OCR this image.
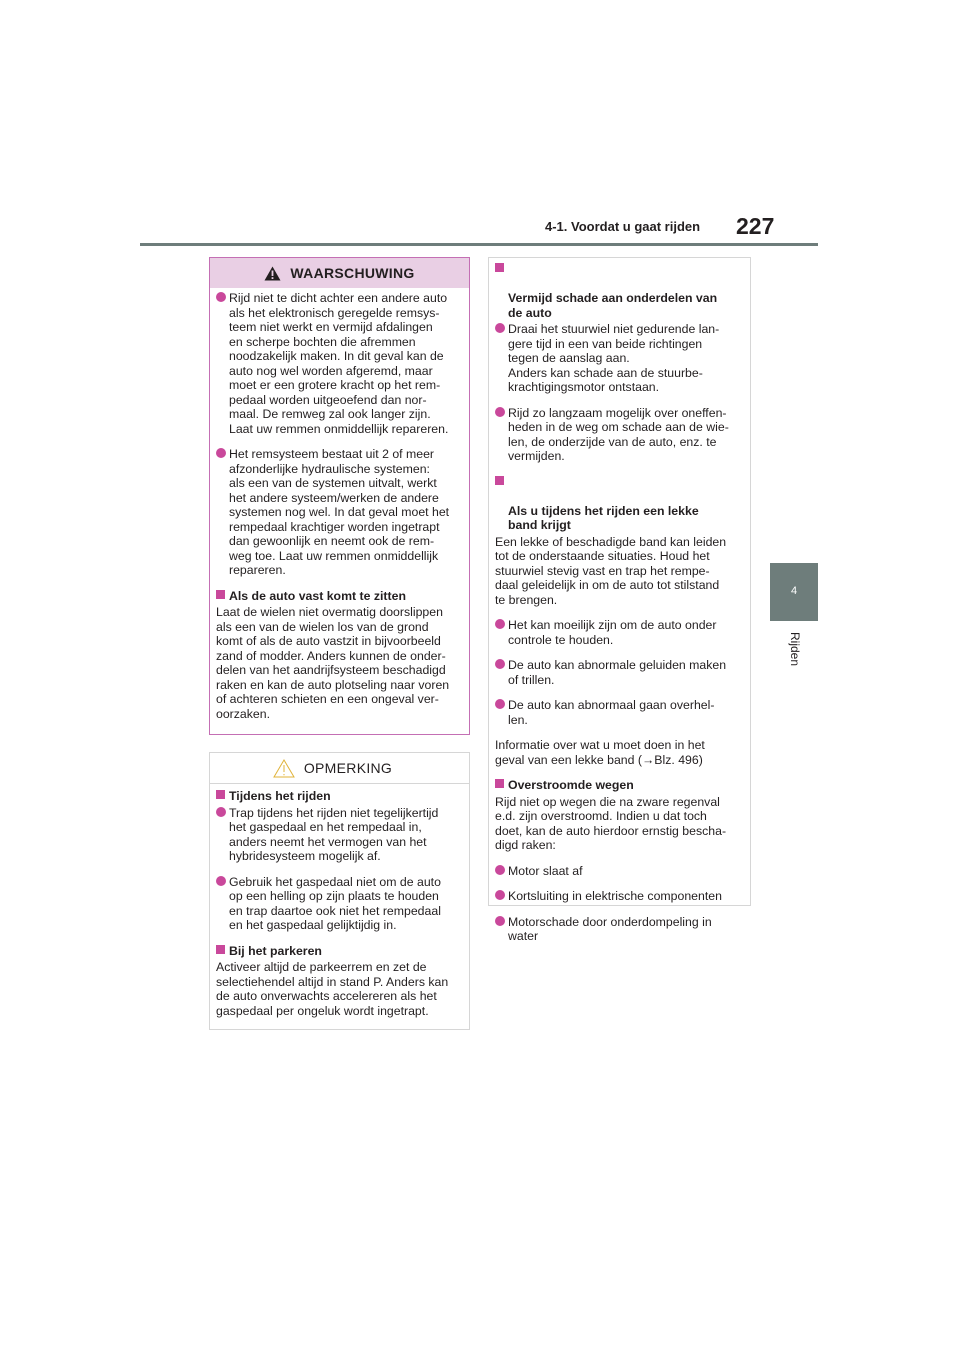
4-1. Voordat u gaat rijden 227
4
Rijden
WAARSCHUWING
Rijd niet te dicht achter een andere auto
als het elektronisch geregelde remsys-
teem niet werkt en vermijd afdalingen
en scherpe bochten die afremmen
noodzakelijk maken. In dit geval kan de
auto nog wel worden afgeremd, maar
moet er een grotere kracht op het rem-
pedaal worden uitgeoefend dan nor-
maal. De remweg zal ook langer zijn.
Laat uw remmen onmiddellijk repareren.
Het remsysteem bestaat uit 2 of meer
afzonderlijke hydraulische systemen:
als een van de systemen uitvalt, werkt
het andere systeem/werken de andere
systemen nog wel. In dat geval moet het
rempedaal krachtiger worden ingetrapt
dan gewoonlijk en neemt ook de rem-
weg toe. Laat uw remmen onmiddellijk
repareren.
Als de auto vast komt te zitten
Laat de wielen niet overmatig doorslippen
als een van de wielen los van de grond
komt of als de auto vastzit in bijvoorbeeld
zand of modder. Anders kunnen de onder-
delen van het aandrijfsysteem beschadigd
raken en kan de auto plotseling naar voren
of achteren schieten en een ongeval ver-
oorzaken.
OPMERKING
Tijdens het rijden
Trap tijdens het rijden niet tegelijkertijd
het gaspedaal en het rempedaal in,
anders neemt het vermogen van het
hybridesysteem mogelijk af.
Gebruik het gaspedaal niet om de auto
op een helling op zijn plaats te houden
en trap daartoe ook niet het rempedaal
en het gaspedaal gelijktijdig in.
Bij het parkeren
Activeer altijd de parkeerrem en zet de
selectiehendel altijd in stand P. Anders kan
de auto onverwachts accelereren als het
gaspedaal per ongeluk wordt ingetrapt.

Vermijd schade aan onderdelen van
de auto

Draai het stuurwiel niet gedurende lan-
gere tijd in een van beide richtingen
tegen de aanslag aan.
Anders kan schade aan de stuurbe-
krachtigingsmotor ontstaan.
Rijd zo langzaam mogelijk over oneffen-
heden in de weg om schade aan de wie-
len, de onderzijde van de auto, enz. te
vermijden.

Als u tijdens het rijden een lekke
band krijgt

Een lekke of beschadigde band kan leiden
tot de onderstaande situaties. Houd het
stuurwiel stevig vast en trap het rempe-
daal geleidelijk in om de auto tot stilstand
te brengen.
Het kan moeilijk zijn om de auto onder
controle te houden.
De auto kan abnormale geluiden maken
of trillen.
De auto kan abnormaal gaan overhel-
len.
Informatie over wat u moet doen in het
geval van een lekke band (→Blz. 496)
Overstroomde wegen
Rijd niet op wegen die na zware regenval
e.d. zijn overstroomd. Indien u dat toch
doet, kan de auto hierdoor ernstig bescha-
digd raken:
Motor slaat af
Kortsluiting in elektrische componenten
Motorschade door onderdompeling in
water
